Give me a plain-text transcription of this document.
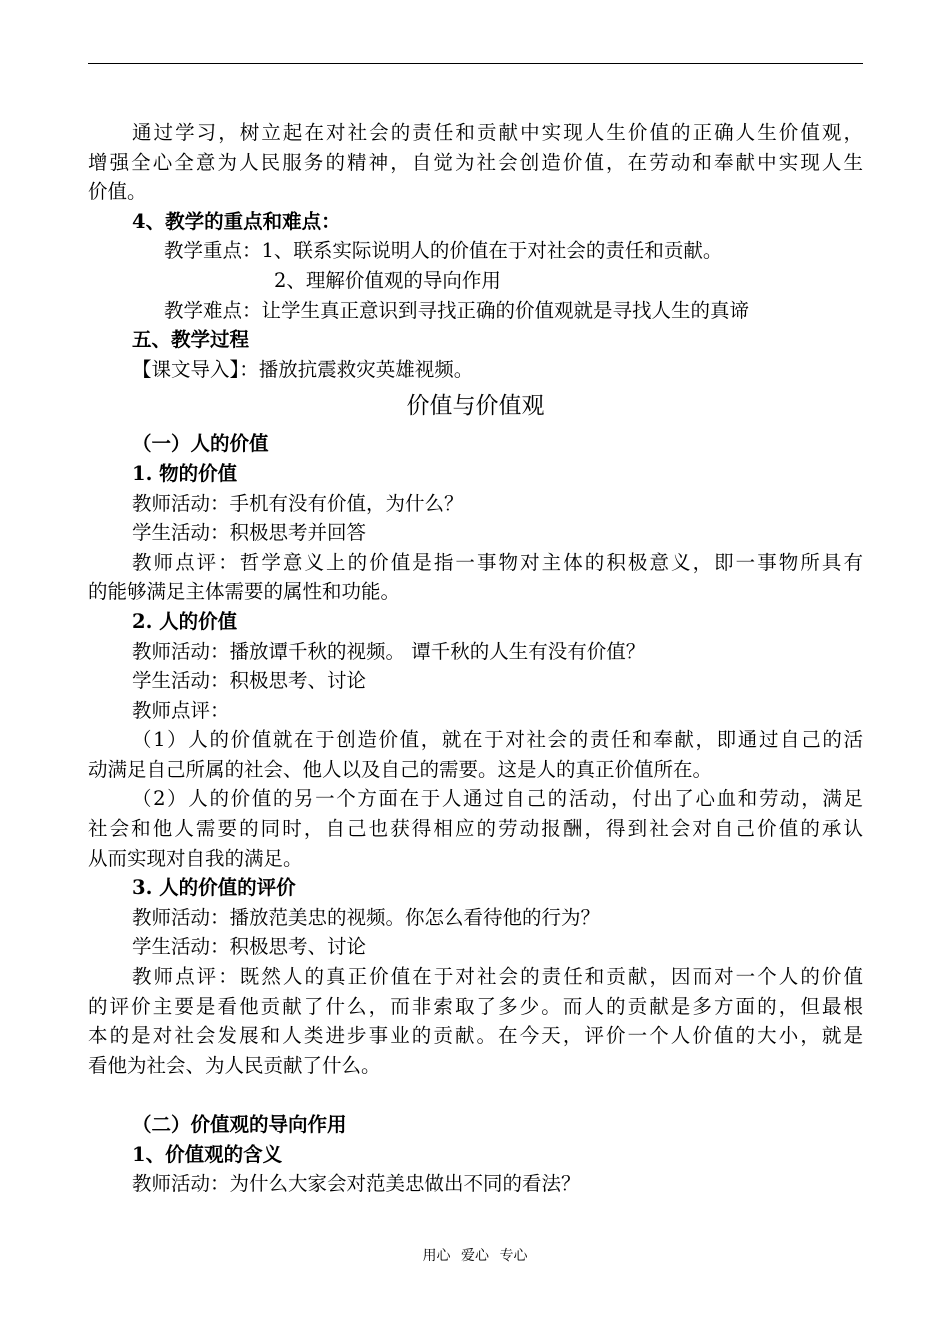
通过学习，树立起在对社会的责任和贡献中实现人生价值的正确人生价值观，
增强全心全意为人民服务的精神，自觉为社会创造价值，在劳动和奉献中实现人生
价值。
4、教学的重点和难点：
教学重点：1、联系实际说明人的价值在于对社会的责任和贡献。
2、理解价值观的导向作用
教学难点：让学生真正意识到寻找正确的价值观就是寻找人生的真谛
五、教学过程
【课文导入】：播放抗震救灾英雄视频。
价值与价值观
（一）人的价值
1. 物的价值
教师活动：手机有没有价值，为什么？
学生活动：积极思考并回答
教师点评：哲学意义上的价值是指一事物对主体的积极意义，即一事物所具有
的能够满足主体需要的属性和功能。
2. 人的价值
教师活动：播放谭千秋的视频。 谭千秋的人生有没有价值？
学生活动：积极思考、讨论
教师点评：
（1）人的价值就在于创造价值，就在于对社会的责任和奉献，即通过自己的活
动满足自己所属的社会、他人以及自己的需要。这是人的真正价值所在。
（2）人的价值的另一个方面在于人通过自己的活动，付出了心血和劳动，满足
社会和他人需要的同时，自己也获得相应的劳动报酬，得到社会对自己价值的承认
从而实现对自我的满足。
3. 人的价值的评价
教师活动：播放范美忠的视频。你怎么看待他的行为？
学生活动：积极思考、讨论
教师点评：既然人的真正价值在于对社会的责任和贡献，因而对一个人的价值
的评价主要是看他贡献了什么，而非索取了多少。而人的贡献是多方面的，但最根
本的是对社会发展和人类进步事业的贡献。在今天，评价一个人价值的大小，就是
看他为社会、为人民贡献了什么。
（二）价值观的导向作用
1、价值观的含义
教师活动：为什么大家会对范美忠做出不同的看法？
用心 爱心 专心
